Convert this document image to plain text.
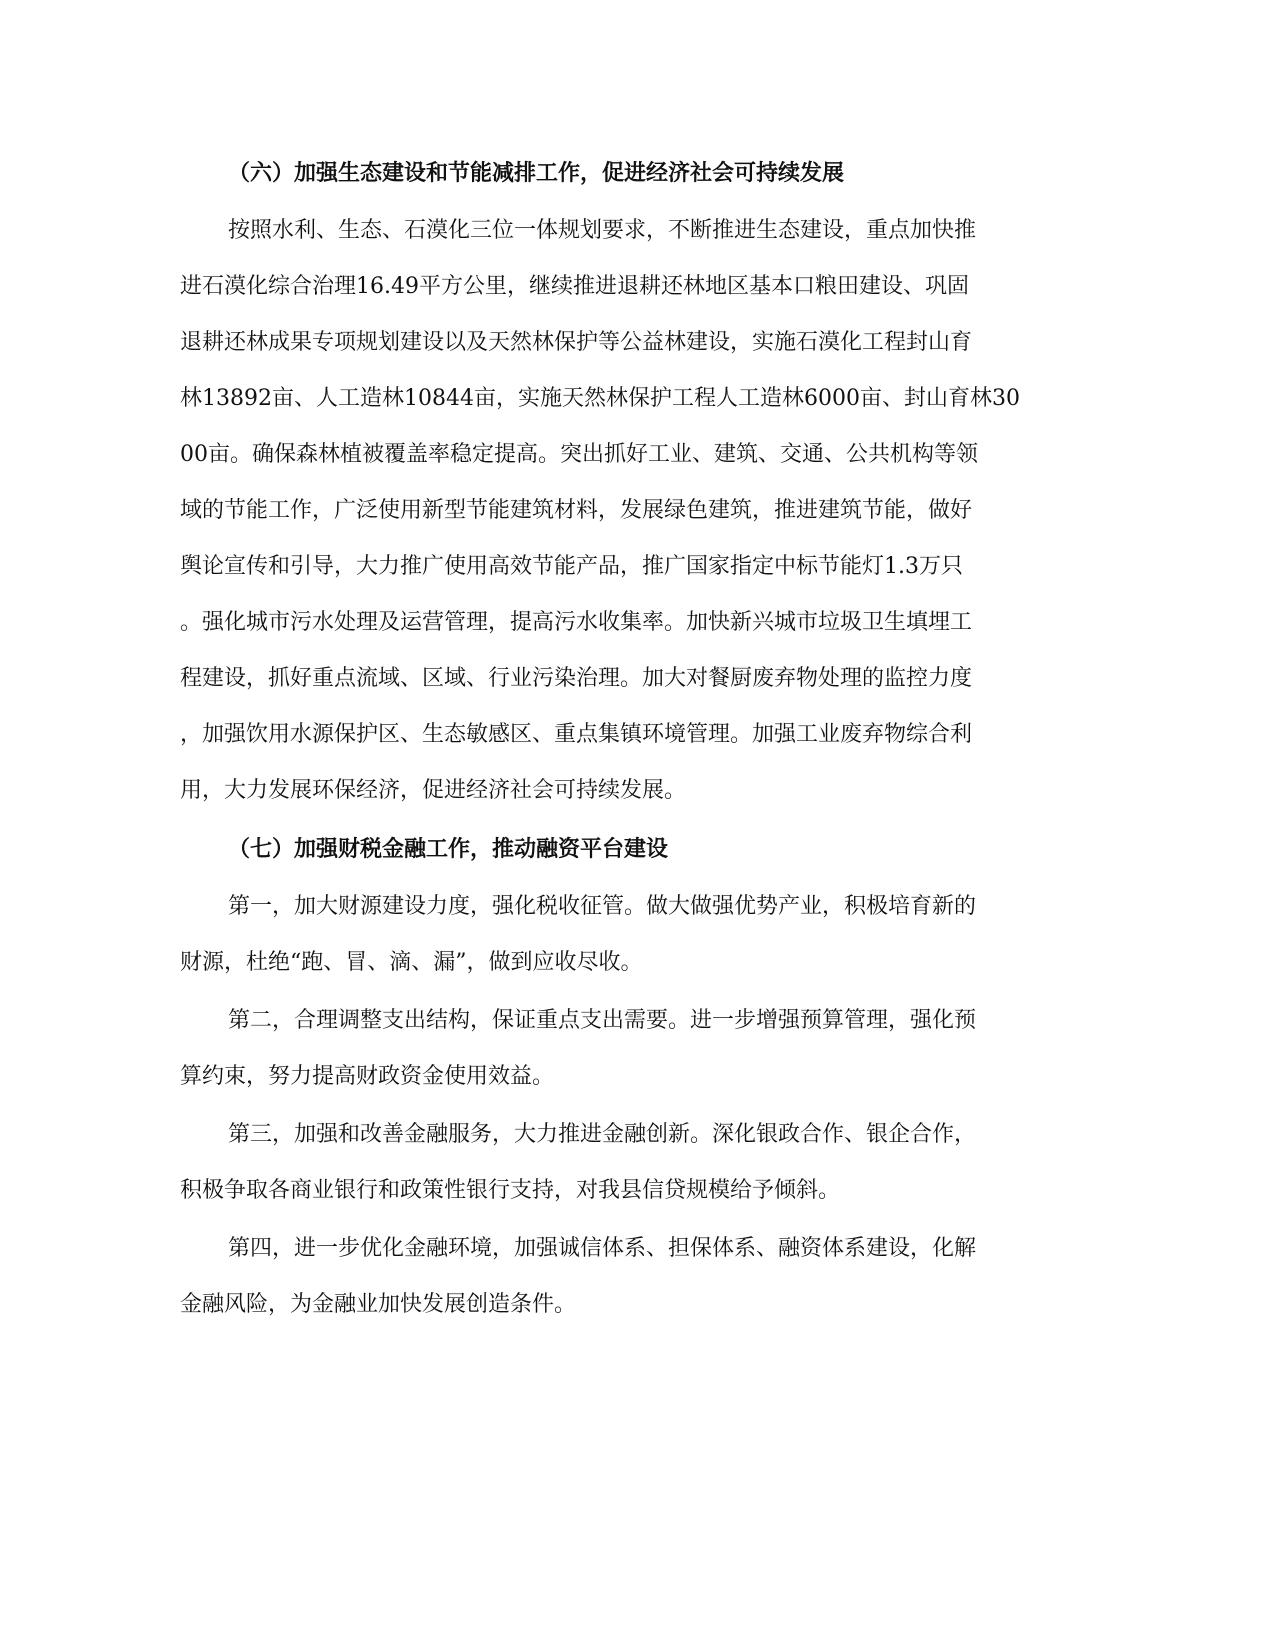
（六）加强生态建设和节能减排工作，促进经济社会可持续发展
按照水利、生态、石漠化三位一体规划要求，不断推进生态建设，重点加快推
进石漠化综合治理16.49平方公里，继续推进退耕还林地区基本口粮田建设、巩固
退耕还林成果专项规划建设以及天然林保护等公益林建设，实施石漠化工程封山育
林13892亩、人工造林10844亩，实施天然林保护工程人工造林6000亩、封山育林30
00亩。确保森林植被覆盖率稳定提高。突出抓好工业、建筑、交通、公共机构等领
域的节能工作，广泛使用新型节能建筑材料，发展绿色建筑，推进建筑节能，做好
舆论宣传和引导，大力推广使用高效节能产品，推广国家指定中标节能灯1.3万只
。强化城市污水处理及运营管理，提高污水收集率。加快新兴城市垃圾卫生填埋工
程建设，抓好重点流域、区域、行业污染治理。加大对餐厨废弃物处理的监控力度
，加强饮用水源保护区、生态敏感区、重点集镇环境管理。加强工业废弃物综合利
用，大力发展环保经济，促进经济社会可持续发展。
（七）加强财税金融工作，推动融资平台建设
第一，加大财源建设力度，强化税收征管。做大做强优势产业，积极培育新的
财源，杜绝“跑、冒、滴、漏”，做到应收尽收。
第二，合理调整支出结构，保证重点支出需要。进一步增强预算管理，强化预
算约束，努力提高财政资金使用效益。
第三，加强和改善金融服务，大力推进金融创新。深化银政合作、银企合作，
积极争取各商业银行和政策性银行支持，对我县信贷规模给予倾斜。
第四，进一步优化金融环境，加强诚信体系、担保体系、融资体系建设，化解
金融风险，为金融业加快发展创造条件。
